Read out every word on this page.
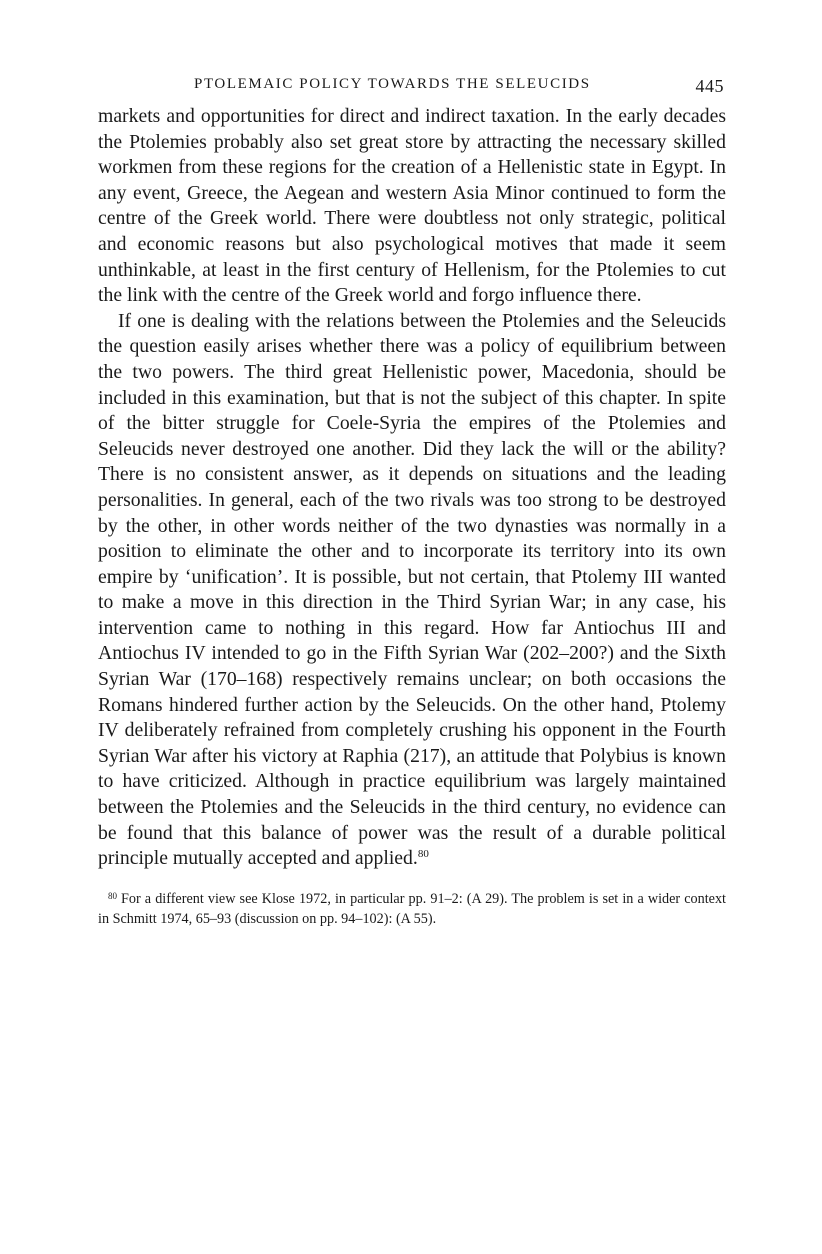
PTOLEMAIC POLICY TOWARDS THE SELEUCIDS	445

markets and opportunities for direct and indirect taxation. In the early decades the Ptolemies probably also set great store by attracting the necessary skilled workmen from these regions for the creation of a Hellenistic state in Egypt. In any event, Greece, the Aegean and western Asia Minor continued to form the centre of the Greek world. There were doubtless not only strategic, political and economic reasons but also psychological motives that made it seem unthinkable, at least in the first century of Hellenism, for the Ptolemies to cut the link with the centre of the Greek world and forgo influence there.

If one is dealing with the relations between the Ptolemies and the Seleucids the question easily arises whether there was a policy of equilibrium between the two powers. The third great Hellenistic power, Macedonia, should be included in this examination, but that is not the subject of this chapter. In spite of the bitter struggle for Coele-Syria the empires of the Ptolemies and Seleucids never destroyed one another. Did they lack the will or the ability? There is no consistent answer, as it depends on situations and the leading personalities. In general, each of the two rivals was too strong to be destroyed by the other, in other words neither of the two dynasties was normally in a position to eliminate the other and to incorporate its territory into its own empire by ‘unification’. It is possible, but not certain, that Ptolemy III wanted to make a move in this direction in the Third Syrian War; in any case, his intervention came to nothing in this regard. How far Antiochus III and Antiochus IV intended to go in the Fifth Syrian War (202–200?) and the Sixth Syrian War (170–168) respectively remains unclear; on both occasions the Romans hindered further action by the Seleucids. On the other hand, Ptolemy IV deliberately refrained from completely crushing his opponent in the Fourth Syrian War after his victory at Raphia (217), an attitude that Polybius is known to have criticized. Although in practice equilibrium was largely maintained between the Ptolemies and the Seleucids in the third century, no evidence can be found that this balance of power was the result of a durable political principle mutually accepted and applied.$^{80}$

$^{80}$ For a different view see Klose 1972, in particular pp. 91–2: (A 29). The problem is set in a wider context in Schmitt 1974, 65–93 (discussion on pp. 94–102): (A 55).
